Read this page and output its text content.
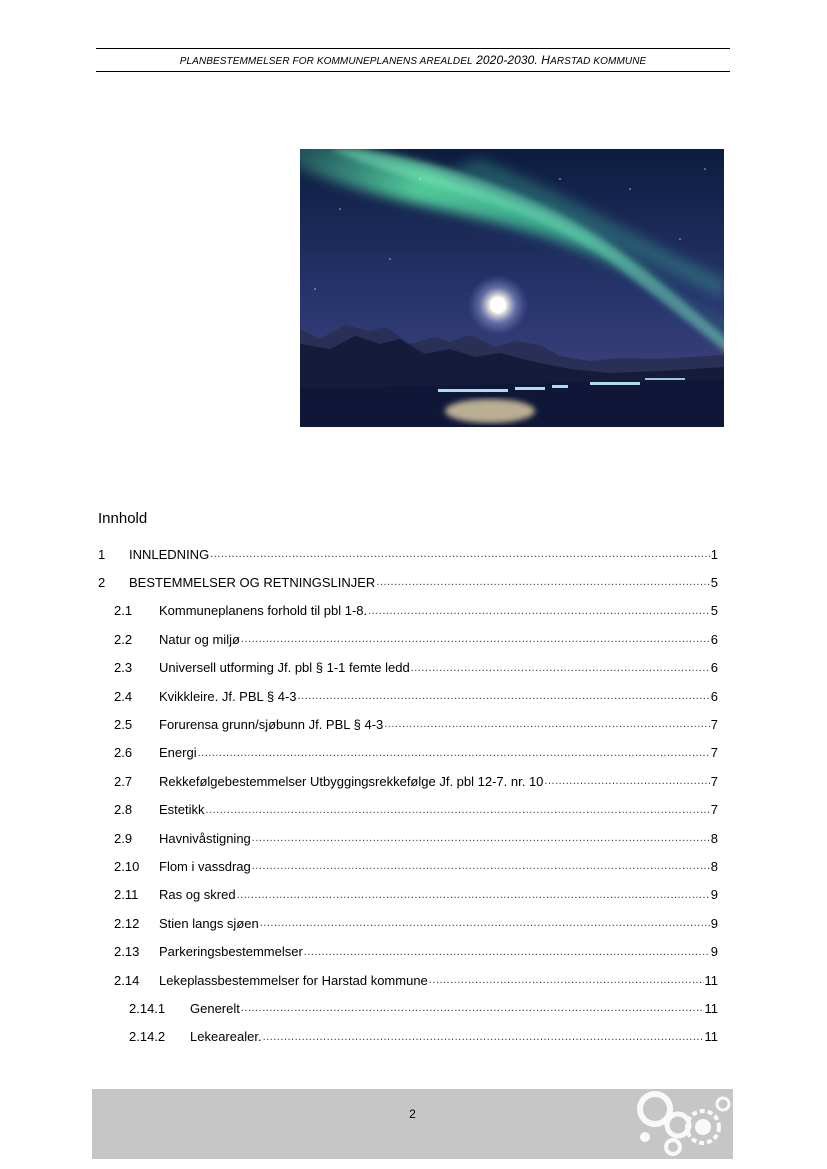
PLANBESTEMMELSER FOR KOMMUNEPLANENS AREALDEL 2020-2030. HARSTAD KOMMUNE
Innhold
1	INNLEDNING .....	1
2	BESTEMMELSER OG RETNINGSLINJER .....	5
2.1	Kommuneplanens forhold til pbl 1-8. .....	5
2.2	Natur og miljø .....	6
2.3	Universell utforming Jf. pbl § 1-1 femte ledd .....	6
2.4	Kvikkleire. Jf. PBL § 4-3 .....	6
2.5	Forurensa grunn/sjøbunn Jf. PBL § 4-3 .....	7
2.6	Energi .....	7
2.7	Rekkefølgebestemmelser Utbyggingsrekkefølge Jf. pbl 12-7. nr. 10 .....	7
2.8	Estetikk .....	7
2.9	Havnivåstigning .....	8
2.10	Flom i vassdrag .....	8
2.11	Ras og skred .....	9
2.12	Stien langs sjøen .....	9
2.13	Parkeringsbestemmelser .....	9
2.14	Lekeplassbestemmelser for Harstad kommune .....	11
2.14.1	Generelt .....	11
2.14.2	Lekearealer. .....	11
2
